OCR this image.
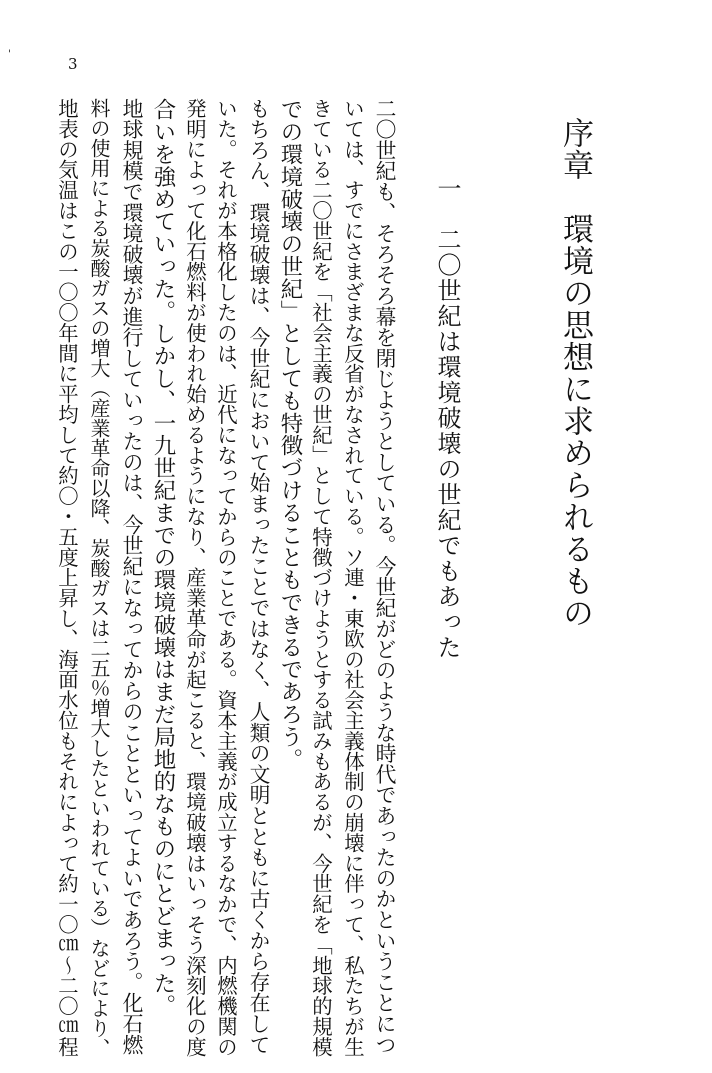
'
3
序章　環境の思想に求められるもの
一　二〇世紀は環境破壊の世紀でもあった
二〇世紀も、そろそろ幕を閉じようとしている。今世紀がどのような時代であったのかということにつ
いては、すでにさまざまな反省がなされている。ソ連・東欧の社会主義体制の崩壊に伴って、私たちが生
きている二〇世紀を「社会主義の世紀」として特徴づけようとする試みもあるが、今世紀を「地球的規模
での環境破壊の世紀」としても特徴づけることもできるであろう。
もちろん、環境破壊は、今世紀において始まったことではなく、人類の文明とともに古くから存在して
いた。それが本格化したのは、近代になってからのことである。資本主義が成立するなかで、内燃機関の
発明によって化石燃料が使われ始めるようになり、産業革命が起こると、環境破壊はいっそう深刻化の度
合いを強めていった。しかし、一九世紀までの環境破壊はまだ局地的なものにとどまった。
地球規模で環境破壊が進行していったのは、今世紀になってからのことといってよいであろう。化石燃
料の使用による炭酸ガスの増大（産業革命以降、炭酸ガスは二五％増大したといわれている）などにより、
地表の気温はこの一〇〇年間に平均して約〇・五度上昇し、海面水位もそれによって約一〇㎝～二〇㎝程
